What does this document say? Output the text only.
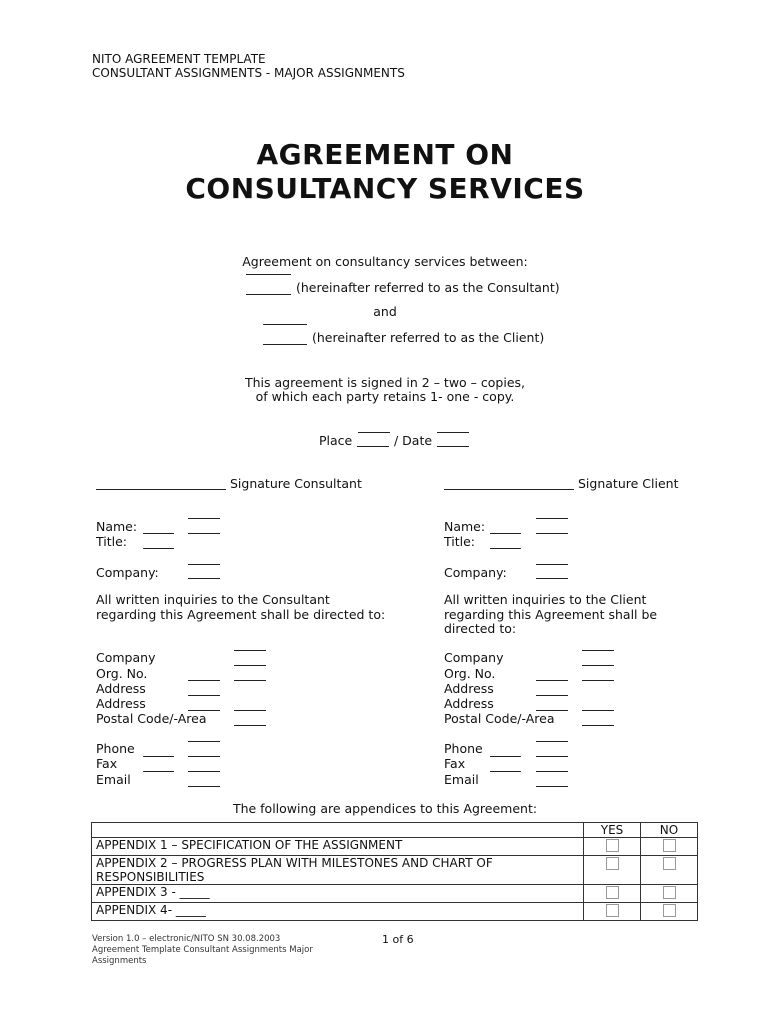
NITO AGREEMENT TEMPLATE
CONSULTANT ASSIGNMENTS - MAJOR ASSIGNMENTS
AGREEMENT ON
CONSULTANCY SERVICES
Agreement on consultancy services between:
(hereinafter referred to as the Consultant)
and
(hereinafter referred to as the Client)
This agreement is signed in 2 – two – copies,
of which each party retains 1- one - copy.
Place	/ Date
Signature Consultant	Signature Client
Name:
Title:
Company:
All written inquiries to the Consultant regarding this Agreement shall be directed to:
Company
Org. No.
Address
Address
Postal Code/-Area
Phone
Fax
Email
Name:
Title:
Company:
All written inquiries to the Client regarding this Agreement shall be directed to:
Company
Org. No.
Address
Address
Postal Code/-Area
Phone
Fax
Email
The following are appendices to this Agreement:
	YES	NO
APPENDIX 1 – SPECIFICATION OF THE ASSIGNMENT		
APPENDIX 2 – PROGRESS PLAN WITH MILESTONES AND CHART OF RESPONSIBILITIES		
APPENDIX 3 - _____		
APPENDIX 4- _____		
Version 1.0 – electronic/NITO SN 30.08.2003
Agreement Template Consultant Assignments Major
Assignments
1 of 6
